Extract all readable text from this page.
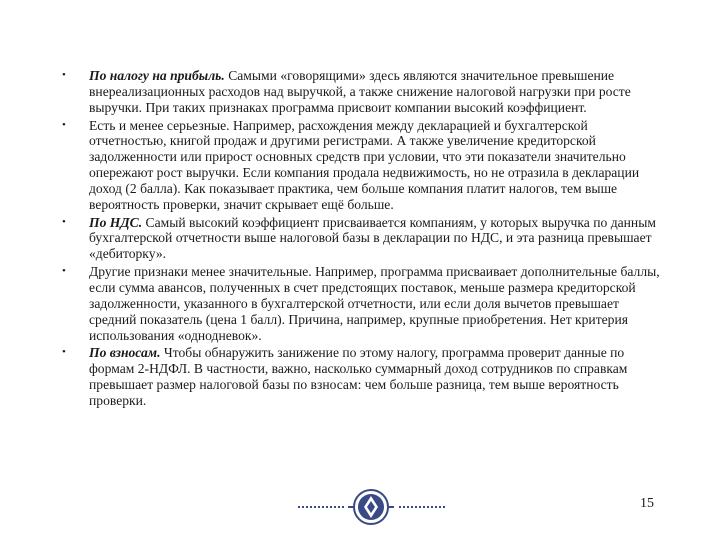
• По налогу на прибыль. Самыми «говорящими» здесь являются значительное превышение внереализационных расходов над выручкой, а также снижение налоговой нагрузки при росте выручки. При таких признаках программа присвоит компании высокий коэффициент.
• Есть и менее серьезные. Например, расхождения между декларацией и бухгалтерской отчетностью, книгой продаж и другими регистрами. А также увеличение кредиторской задолженности или прирост основных средств при условии, что эти показатели значительно опережают рост выручки. Если компания продала недвижимость, но не отразила в декларации доход (2 балла). Как показывает практика, чем больше компания платит налогов, тем выше вероятность проверки, значит скрывает ещё больше.
• По НДС. Самый высокий коэффициент присваивается компаниям, у которых выручка по данным бухгалтерской отчетности выше налоговой базы в декларации по НДС, и эта разница превышает «дебиторку».
• Другие признаки менее значительные. Например, программа присваивает дополнительные баллы, если сумма авансов, полученных в счет предстоящих поставок, меньше размера кредиторской задолженности, указанного в бухгалтерской отчетности, или если доля вычетов превышает средний показатель (цена 1 балл). Причина, например, крупные приобретения. Нет критерия использования «однодневок».
• По взносам. Чтобы обнаружить занижение по этому налогу, программа проверит данные по формам 2-НДФЛ. В частности, важно, насколько суммарный доход сотрудников по справкам превышает размер налоговой базы по взносам: чем больше разница, тем выше вероятность проверки.
15
